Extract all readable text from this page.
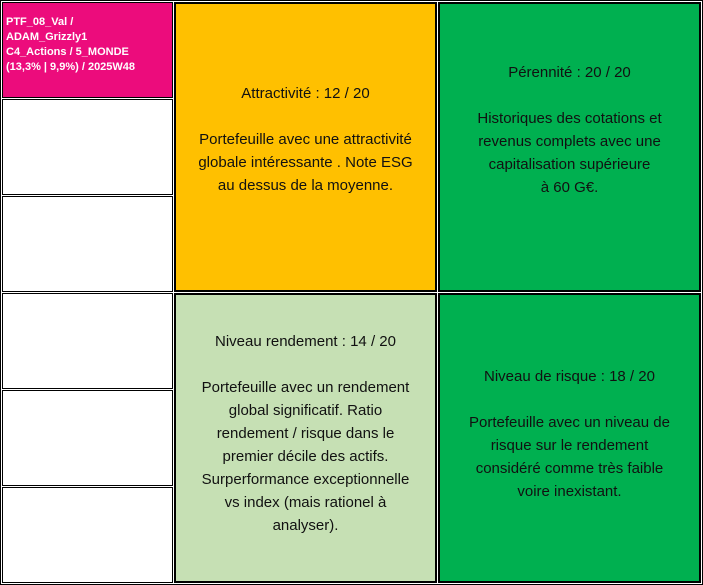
PTF_08_Val /
ADAM_Grizzly1
C4_Actions / 5_MONDE
(13,3% | 9,9%) / 2025W48
Attractivité : 12 / 20
Portefeuille avec une attractivité
globale intéressante . Note ESG
au dessus de la moyenne.
Pérennité : 20 / 20
Historiques des cotations et
revenus complets avec une
capitalisation supérieure
à 60 G€.
Niveau rendement : 14 / 20
Portefeuille avec un rendement
global significatif. Ratio
rendement / risque dans le
premier décile des actifs.
Surperformance exceptionnelle
vs index (mais rationel à
analyser).
Niveau de risque : 18 / 20
Portefeuille avec un niveau de
risque sur le rendement
considéré comme très faible
voire inexistant.
